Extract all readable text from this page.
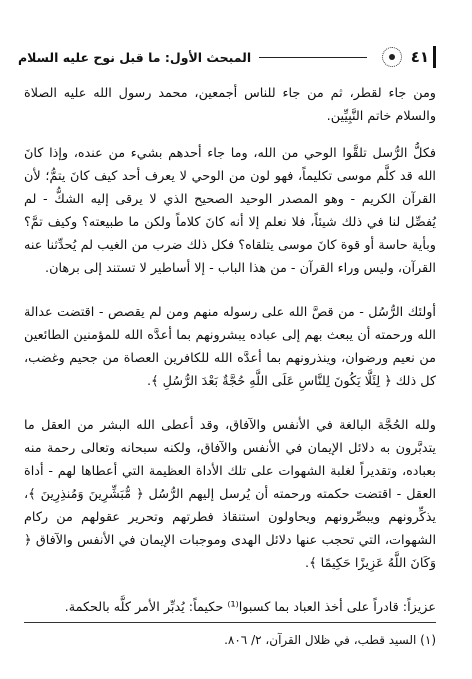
٤١
المبحث الأول: ما قبل نوح عليه السلام

ومن جاء لقطر، ثم من جاء للناس أجمعين، محمد رسول الله عليه الصلاة والسلام خاتم النَّبِيِّين.

فكلُّ الرُّسل تلقَّوا الوحي من الله، وما جاء أحدهم بشيء من عنده، وإذا كانَ الله قد كلَّم موسى تكليماً، فهو لون من الوحي لا يعرف أحد كيف كانَ يتمُّ؛ لأن القرآن الكريم - وهو المصدر الوحيد الصحيح الذي لا يرقى إليه الشكُّ - لم يُفصِّل لنا في ذلك شيئاً، فلا نعلم إلا أنه كانَ كلاماً ولكن ما طبيعته؟ وكيف تمَّ؟ وبأية حاسة أو قوة كانَ موسى يتلقاه؟ فكل ذلك ضرب من الغيب لم يُحدِّثنا عنه القرآن، وليس وراء القرآن - من هذا الباب - إلا أساطير لا تستند إلى برهان.

أولئك الرُّسُل - من قصَّ الله على رسوله منهم ومن لم يقصص - اقتضت عدالة الله ورحمته أن يبعث بهم إلى عباده يبشرونهم بما أعدَّه الله للمؤمنين الطائعين من نعيم ورضوان، وينذرونهم بما أعدَّه الله للكافرين العصاة من جحيم وغضب، كل ذلك ﴿ لِئَلَّا يَكُونَ لِلنَّاسِ عَلَى اللَّهِ حُجَّةٌ بَعْدَ الرُّسُلِ ﴾.

ولله الحُجَّة البالغة في الأنفس والآفاق، وقد أعطى الله البشر من العقل ما يتدبَّرون به دلائل الإيمان في الأنفس والآفاق، ولكنه سبحانه وتعالى رحمة منه بعباده، وتقديراً لغلبة الشهوات على تلك الأداة العظيمة التي أعطاها لهم - أداة العقل - اقتضت حكمته ورحمته أن يُرسل إليهم الرُّسُل ﴿ مُّبَشِّرِينَ وَمُنذِرِينَ ﴾، يذكِّرونهم ويبصِّرونهم ويحاولون استنقاذ فطرتهم وتحرير عقولهم من ركام الشهوات، التي تحجب عنها دلائل الهدى وموجبات الإيمان في الأنفس والآفاق ﴿ وَكَانَ اللَّهُ عَزِيزًا حَكِيمًا ﴾.

عزيزاً: قادراً على أخذ العباد بما كسبوا⁽¹⁾ حكيماً: يُدبِّر الأمر كلَّه بالحكمة.

(١) السيد قطب، في ظلال القرآن، ٢/ ٨٠٦.
